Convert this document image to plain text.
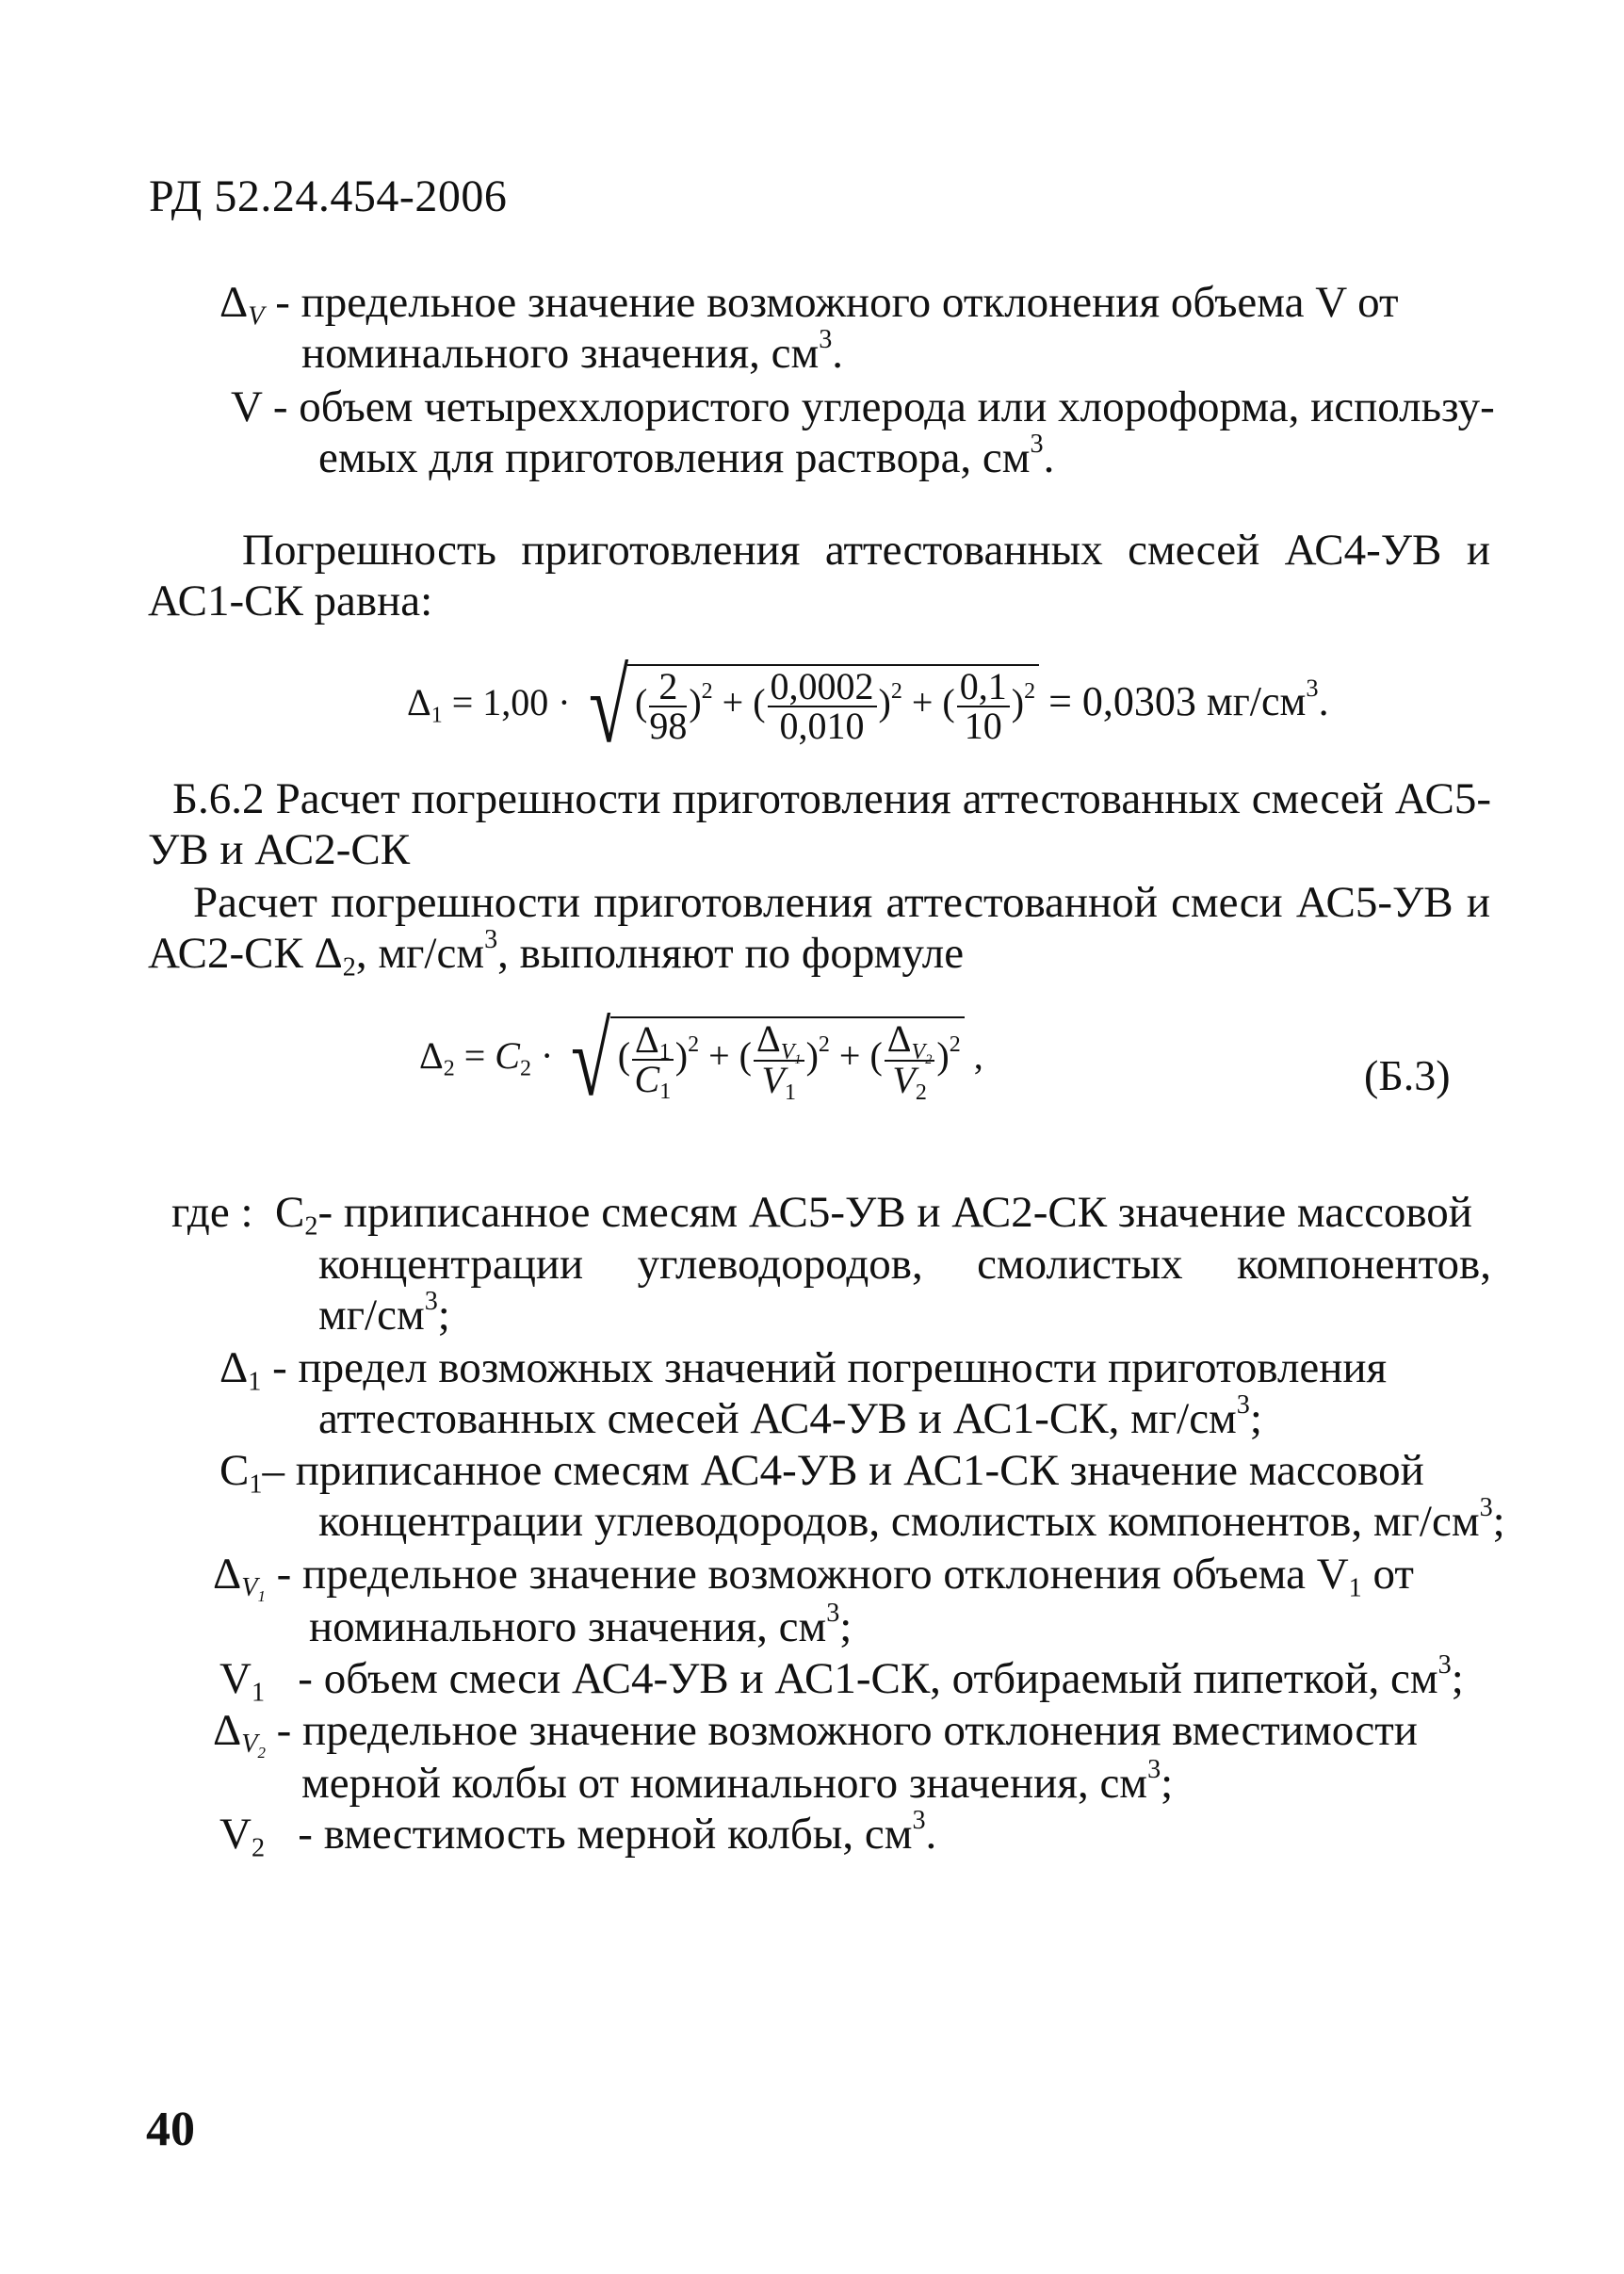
РД 52.24.454-2006
$\Delta_V$ - предельное значение возможного отклонения объема V от
номинального значения, $см^3$.
V - объем четыреххлористого углерода или хлороформа, использу-
емых для приготовления раствора, $см^3$.
Погрешность приготовления аттестованных смесей АС4-УВ и
АС1-СК равна:
$\Delta_1 = 1,00$ · √ ( $\frac{2}{98} )^2$ + ( $\frac{0,0002}{0,010} )^2$ + ( $\frac{0,1}{10} )^2 = 0,0303$ $мг/см^3$.
Б.6.2 Расчет погрешности приготовления аттестованных смесей АС5-
УВ и АС2-СК
Расчет погрешности приготовления аттестованной смеси АС5-УВ и
АС2-СК $\Delta_2$, $мг/см^3$, выполняют по формуле
$\Delta_2 = C_2$ · √ ( $\frac{\Delta_1}{C_1} )^2$ + ( $\frac{\Delta_{V_1}}{V_1} )^2$ + ( $\frac{\Delta_{V_2}}{V_2} )^2$ ,	(Б.3)
где : $С_2-$ приписанное смесям АС5-УВ и АС2-СК значение массовой
концентрации углеводородов, смолистых компонентов,
$мг/см^3$;
$\Delta_1$ - предел возможных значений погрешности приготовления
аттестованных смесей АС4-УВ и АС1-СК, $мг/см^3$;
$С_1-$ приписанное смесям АС4-УВ и АС1-СК значение массовой
концентрации углеводородов, смолистых компонентов, $мг/см^3$;
$\Delta_{V_1}$ - предельное значение возможного отклонения объема $V_1$ от
номинального значения, $см^3$;
$V_1$ - объем смеси АС4-УВ и АС1-СК, отбираемый пипеткой, $см^3$;
$\Delta_{V_2}$ - предельное значение возможного отклонения вместимости
мерной колбы от номинального значения, $см^3$;
$V_2$ - вместимость мерной колбы, $см^3$.
40
